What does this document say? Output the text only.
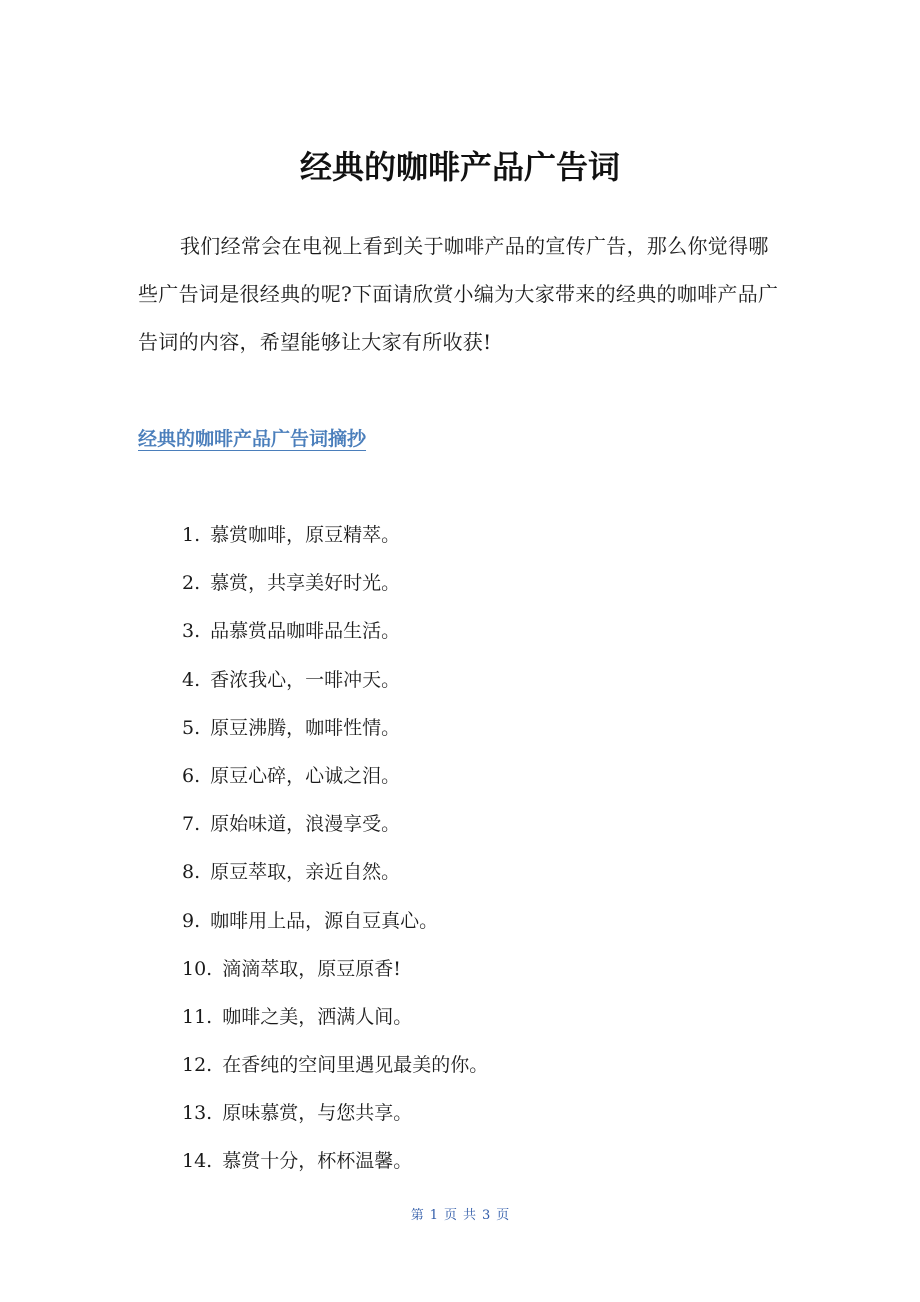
经典的咖啡产品广告词

我们经常会在电视上看到关于咖啡产品的宣传广告，那么你觉得哪些广告词是很经典的呢?下面请欣赏小编为大家带来的经典的咖啡产品广告词的内容，希望能够让大家有所收获!

经典的咖啡产品广告词摘抄
1. 慕赏咖啡，原豆精萃。
2. 慕赏，共享美好时光。
3. 品慕赏品咖啡品生活。
4. 香浓我心，一啡冲天。
5. 原豆沸腾，咖啡性情。
6. 原豆心碎，心诚之泪。
7. 原始味道，浪漫享受。
8. 原豆萃取，亲近自然。
9. 咖啡用上品，源自豆真心。
10. 滴滴萃取，原豆原香!
11. 咖啡之美，洒满人间。
12. 在香纯的空间里遇见最美的你。
13. 原味慕赏，与您共享。
14. 慕赏十分，杯杯温馨。
第 1 页 共 3 页
